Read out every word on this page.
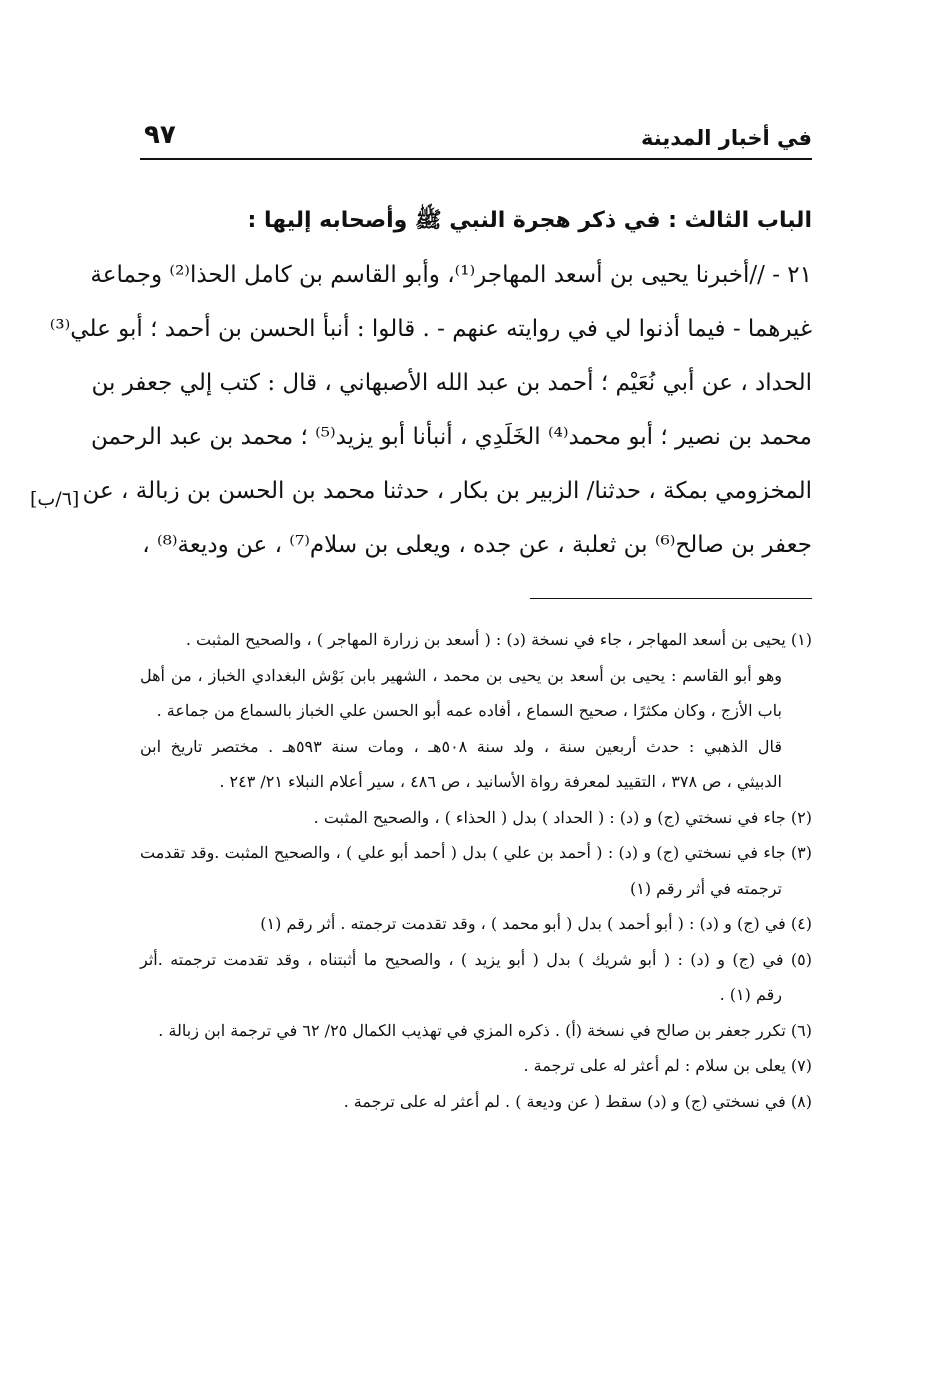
في أخبار المدينة
٩٧
الباب الثالث : في ذكر هجرة النبي ﷺ وأصحابه إليها :
٢١ - //أخبرنا يحيى بن أسعد المهاجر⁽¹⁾، وأبو القاسم بن كامل الحذا⁽²⁾ وجماعة
غيرهما - فيما أذنوا لي في روايته عنهم - . قالوا : أنبأ الحسن بن أحمد ؛ أبو علي⁽³⁾
الحداد ، عن أبي نُعَيْم ؛ أحمد بن عبد الله الأصبهاني ، قال : كتب إلي جعفر بن
محمد بن نصير ؛ أبو محمد⁽⁴⁾ الخَلَدِي ، أنبأنا أبو يزيد⁽⁵⁾ ؛ محمد بن عبد الرحمن
المخزومي بمكة ، حدثنا/ الزبير بن بكار ، حدثنا محمد بن الحسن بن زبالة ، عن
جعفر بن صالح⁽⁶⁾ بن ثعلبة ، عن جده ، ويعلى بن سلام⁽⁷⁾ ، عن وديعة⁽⁸⁾ ،
[٦/ب]
(١) يحيى بن أسعد المهاجر ، جاء في نسخة (د) : ( أسعد بن زرارة المهاجر ) ، والصحيح المثبت .
وهو أبو القاسم : يحيى بن أسعد بن يحيى بن محمد ، الشهير بابن بَوْش البغدادي الخباز ، من أهل
باب الأزج ، وكان مكثرًا ، صحيح السماع ، أفاده عمه أبو الحسن علي الخباز بالسماع من جماعة .
قال الذهبي : حدث أربعين سنة ، ولد سنة ٥٠٨هـ ، ومات سنة ٥٩٣هـ . مختصر تاريخ ابن
الدبيثي ، ص ٣٧٨ ، التقييد لمعرفة رواة الأسانيد ، ص ٤٨٦ ، سير أعلام النبلاء ٢١/ ٢٤٣ .
(٢) جاء في نسختي (ج) و (د) : ( الحداد ) بدل ( الحذاء ) ، والصحيح المثبت .
(٣) جاء في نسختي (ج) و (د) : ( أحمد بن علي ) بدل ( أحمد أبو علي ) ، والصحيح المثبت .وقد تقدمت
ترجمته في أثر رقم (١)
(٤) في (ج) و (د) : ( أبو أحمد ) بدل ( أبو محمد ) ، وقد تقدمت ترجمته . أثر رقم (١)
(٥) في (ج) و (د) : ( أبو شريك ) بدل ( أبو يزيد ) ، والصحيح ما أثبتناه ، وقد تقدمت ترجمته .أثر
رقم (١) .
(٦) تكرر جعفر بن صالح في نسخة (أ) . ذكره المزي في تهذيب الكمال ٢٥/ ٦٢ في ترجمة ابن زبالة .
(٧) يعلى بن سلام : لم أعثر له على ترجمة .
(٨) في نسختي (ج) و (د) سقط ( عن وديعة ) . لم أعثر له على ترجمة .
